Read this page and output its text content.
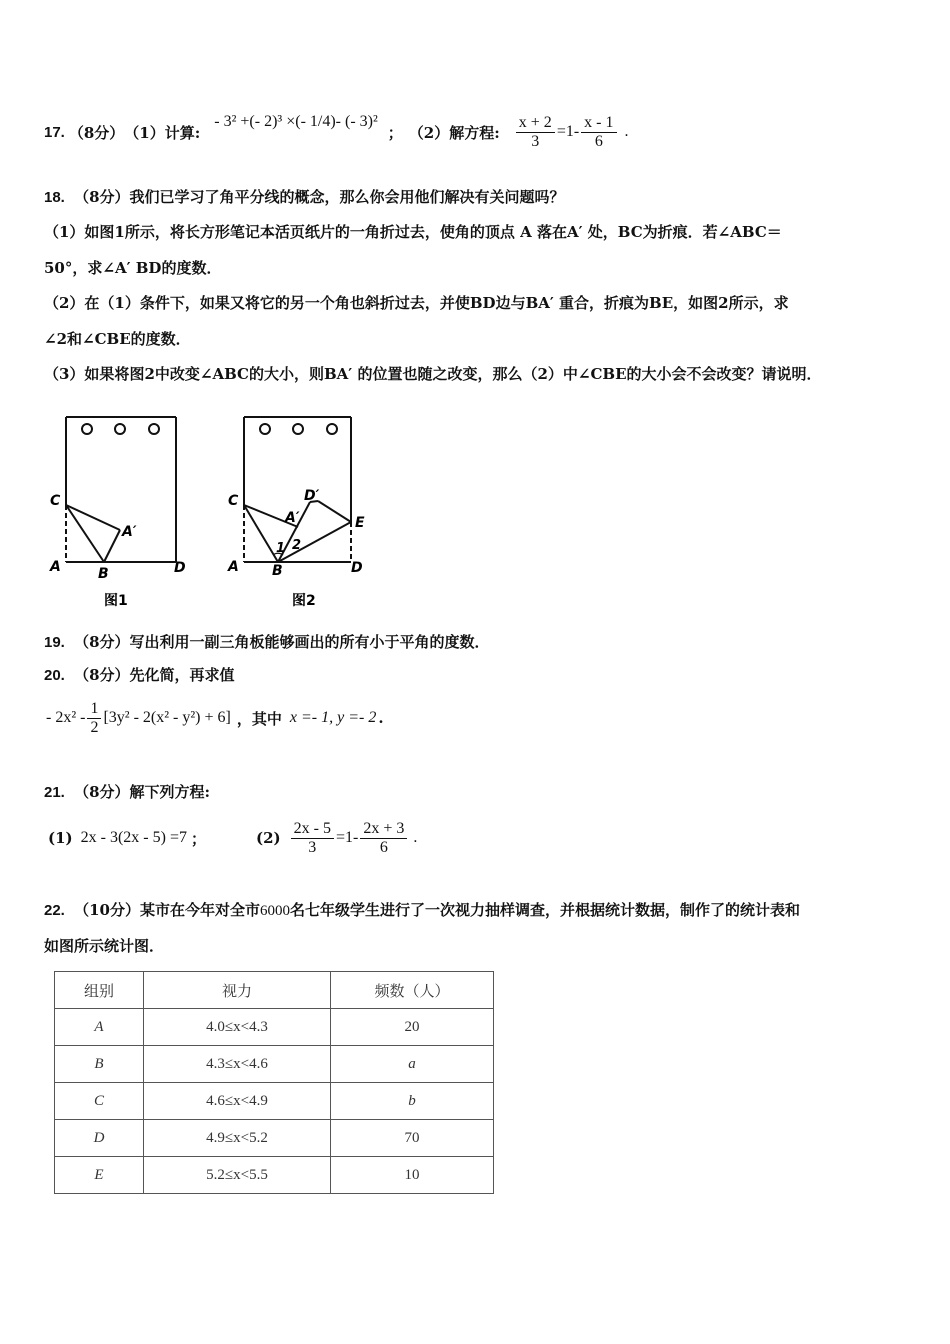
17. （8分） （1）计算:
- 3² +(- 2)³ ×(- 1/4)- (- 3)²
； （2）解方程: $\frac{x + 2}{3} =1- \frac{x - 1}{6}$ .
18. （8分）我们已学习了角平分线的概念，那么你会用他们解决有关问题吗？
（1）如图1所示，将长方形笔记本活页纸片的一角折过去，使角的顶点 A 落在A′ 处，BC为折痕．若∠ABC＝
50°，求∠A′ BD的度数．
（2）在（1）条件下，如果又将它的另一个角也斜折过去，并使BD边与BA′ 重合，折痕为BE，如图2所示，求
∠2和∠CBE的度数．
（3）如果将图2中改变∠ABC的大小，则BA′ 的位置也随之改变，那么（2）中∠CBE的大小会不会改变？请说明．
C
A	B	D
A′
图1
C
A B	D
A′
D′
E
1 2
图2
19. （8分）写出利用一副三角板能够画出的所有小于平角的度数．
20. （8分）先化简，再求值
- $2x^2 - \frac{1}{2} [3y^2 - 2(x^2 - y^2) + 6]$ ，其中 x =- 1, y =- 2 .
21. （8分）解下列方程:
(1) 2x - 3(2x - 5) =7 ；	$(2) \frac{2x - 5}{3} =1- \frac{2x + 3}{6}$ .
22. （10分）某市在今年对全市6000名七年级学生进行了一次视力抽样调查，并根据统计数据，制作了的统计表和
如图所示统计图．
组别	视力	频数（人）
A	4.0≤x<4.3	20
B	4.3≤x<4.6	a
C	4.6≤x<4.9	b
D	4.9≤x<5.2	70
E	5.2≤x<5.5	10
